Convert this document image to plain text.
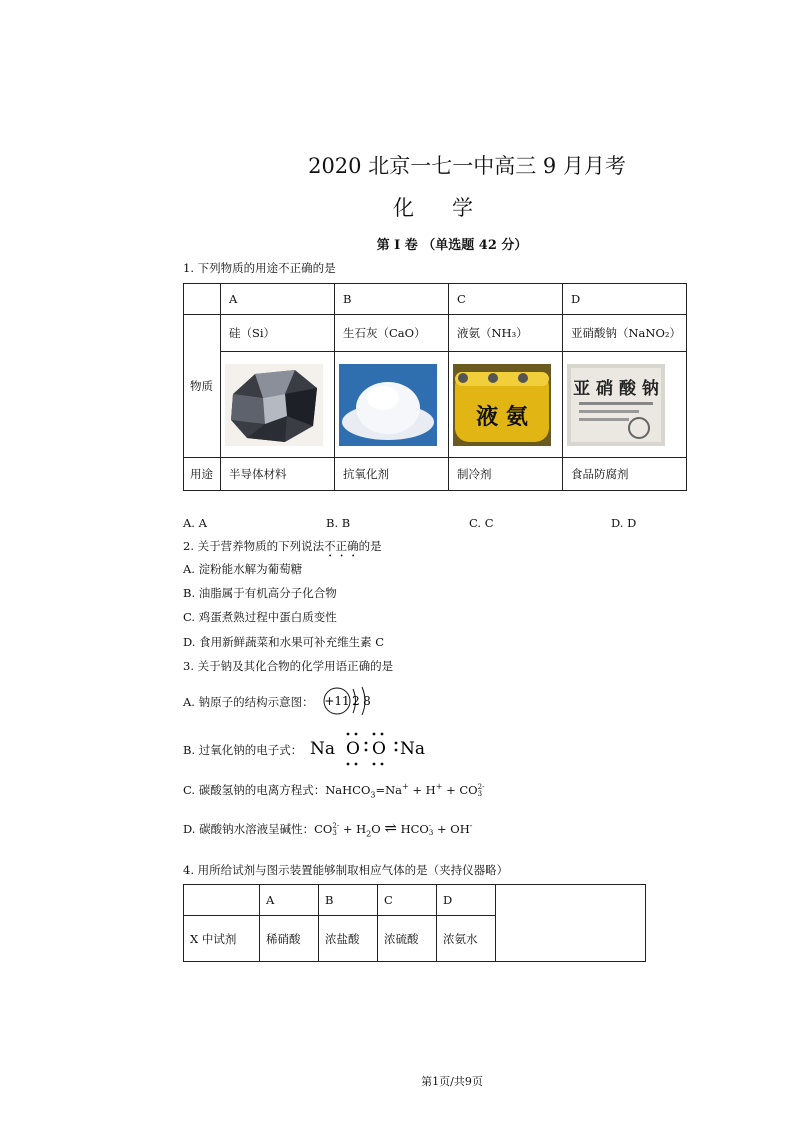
2020 北京一七一中高三 9 月月考
化学
第 I 卷 （单选题 42 分）
1. 下列物质的用途不正确的是
	A	B	C	D
物质	硅（Si）	生石灰（CaO）	液氨（NH₃）	亚硝酸钠（NaNO₂）

液 氨	亚 硝 酸 钠

用途	半导体材料	抗氧化剂	制冷剂	食品防腐剂
A. A	B. B	C. C	D. D
2. 关于营养物质的下列说法不正确的是
A. 淀粉能水解为葡萄糖
B. 油脂属于有机高分子化合物
C. 鸡蛋煮熟过程中蛋白质变性
D. 食用新鲜蔬菜和水果可补充维生素 C
3. 关于钠及其化合物的化学用语正确的是
A. 钠原子的结构示意图： +11 2 8
B. 过氧化钠的电子式： Na O O Na
C. 碳酸氢钠的电离方程式：NaHCO$_3$=Na+ + H+ + CO 2-
3
D. 碳酸钠水溶液呈碱性：CO 2-
$3 + H_2O$ ⇌ HCO -
3 + OH-
4. 用所给试剂与图示装置能够制取相应气体的是（夹持仪器略）
	A	B	C	D	
X 中试剂	稀硝酸	浓盐酸	浓硫酸	浓氨水	
第1页/共9页
